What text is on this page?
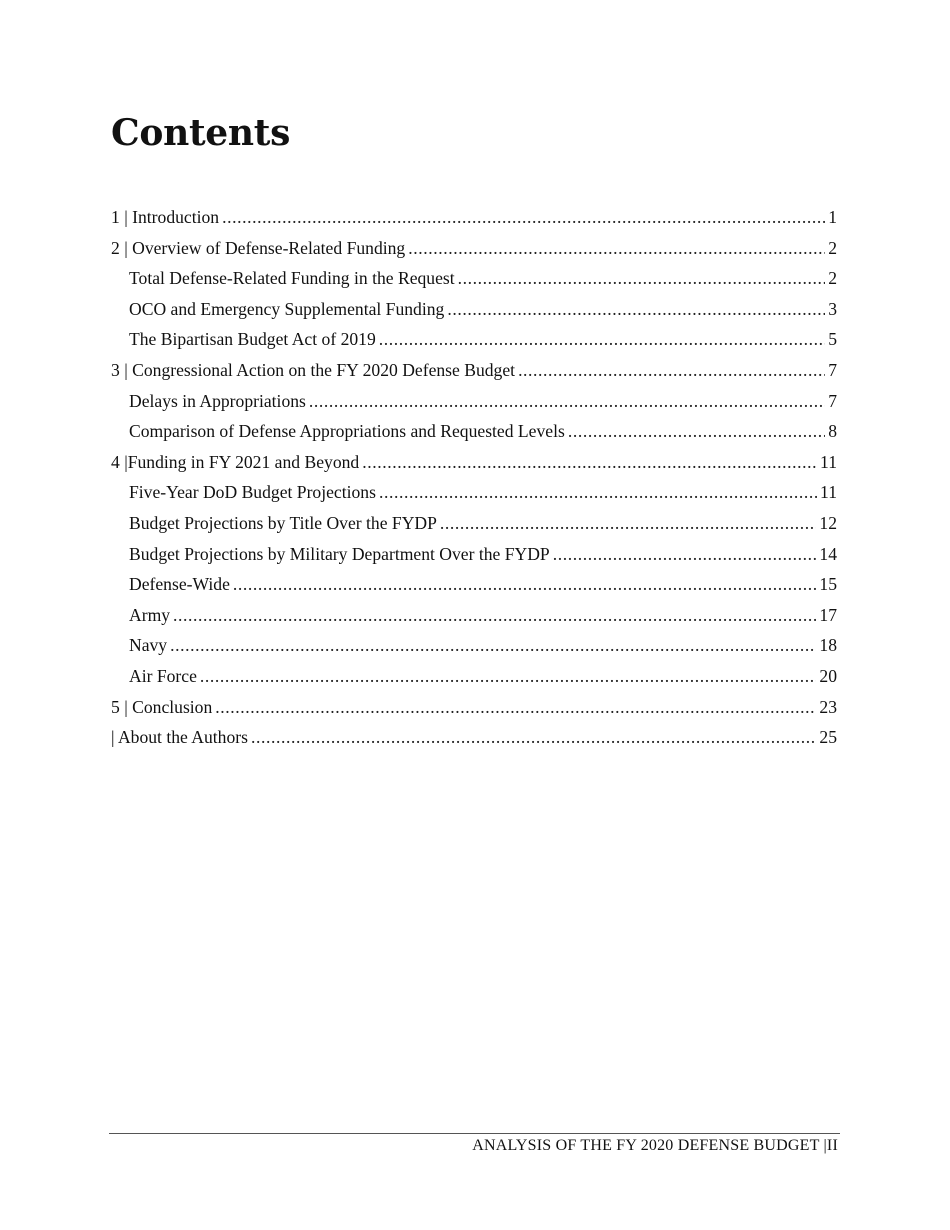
Contents
1 | Introduction .....	1
2 | Overview of Defense-Related Funding .....	2
Total Defense-Related Funding in the Request .....	2
OCO and Emergency Supplemental Funding .....	3
The Bipartisan Budget Act of 2019 .....	5
3 | Congressional Action on the FY 2020 Defense Budget .....	7
Delays in Appropriations .....	7
Comparison of Defense Appropriations and Requested Levels .....	8
4 |Funding in FY 2021 and Beyond .....	11
Five-Year DoD Budget Projections .....	11
Budget Projections by Title Over the FYDP .....	12
Budget Projections by Military Department Over the FYDP .....	14
Defense-Wide .....	15
Army .....	17
Navy .....	18
Air Force .....	20
5 | Conclusion .....	23
| About the Authors .....	25
ANALYSIS OF THE FY 2020 DEFENSE BUDGET |II
